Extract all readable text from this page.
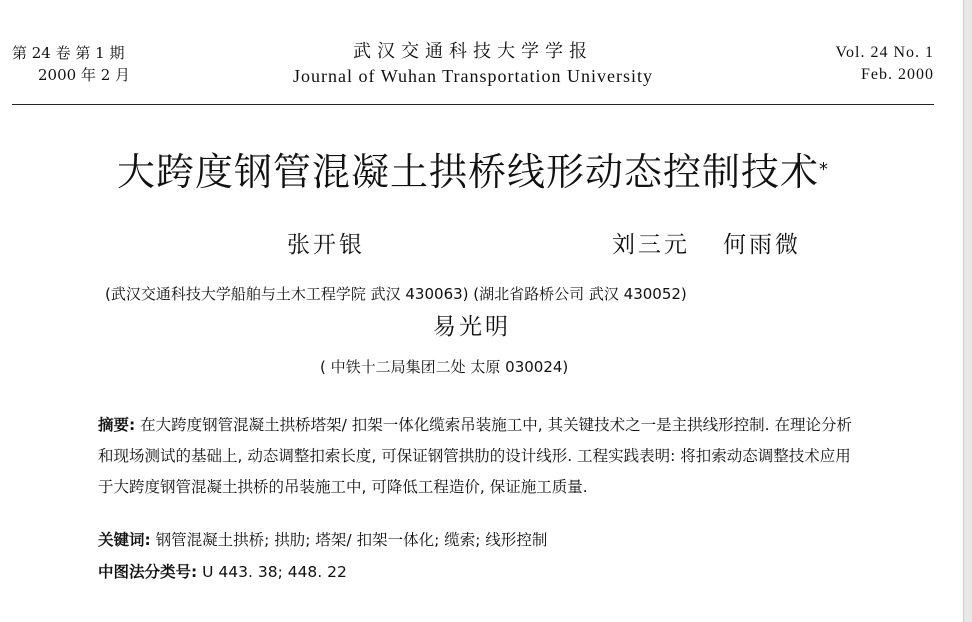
第 24 卷 第 1 期
2000 年 2 月
武汉交通科技大学学报
Journal of Wuhan Transportation University
Vol. 24 No. 1
Feb. 2000
大跨度钢管混凝土拱桥线形动态控制技术*
张开银	刘三元 何雨微
易光明
(武汉交通科技大学船舶与土木工程学院 武汉 430063) (湖北省路桥公司 武汉 430052)
( 中铁十二局集团二处 太原 030024)
摘要: 在大跨度钢管混凝土拱桥塔架/ 扣架一体化缆索吊装施工中, 其关键技术之一是主拱线形控制. 在理论分析和现场测试的基础上, 动态调整扣索长度, 可保证钢管拱肋的设计线形. 工程实践表明: 将扣索动态调整技术应用于大跨度钢管混凝土拱桥的吊装施工中, 可降低工程造价, 保证施工质量.
关键词: 钢管混凝土拱桥; 拱肋; 塔架/ 扣架一体化; 缆索; 线形控制
中图法分类号: U 443. 38; 448. 22
